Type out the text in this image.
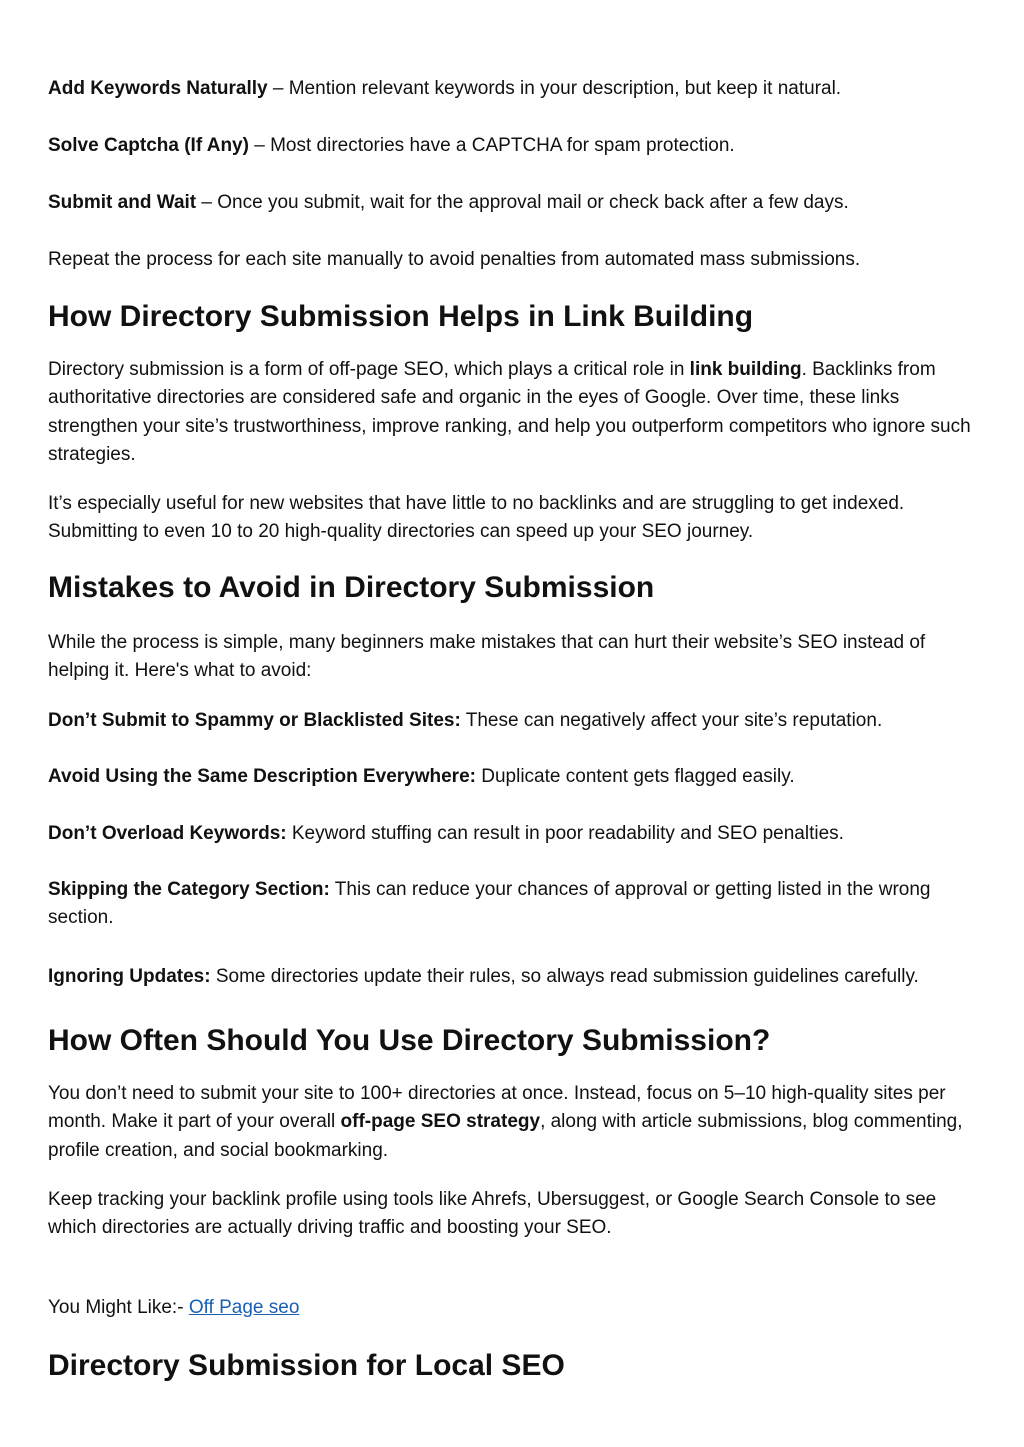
Add Keywords Naturally – Mention relevant keywords in your description, but keep it natural.
Solve Captcha (If Any) – Most directories have a CAPTCHA for spam protection.
Submit and Wait – Once you submit, wait for the approval mail or check back after a few days.
Repeat the process for each site manually to avoid penalties from automated mass submissions.
How Directory Submission Helps in Link Building

Directory submission is a form of off-page SEO, which plays a critical role in link building. Backlinks from authoritative directories are considered safe and organic in the eyes of Google. Over time, these links strengthen your site’s trustworthiness, improve ranking, and help you outperform competitors who ignore such strategies.

It’s especially useful for new websites that have little to no backlinks and are struggling to get indexed. Submitting to even 10 to 20 high-quality directories can speed up your SEO journey.

Mistakes to Avoid in Directory Submission

While the process is simple, many beginners make mistakes that can hurt their website’s SEO instead of helping it. Here's what to avoid:

Don’t Submit to Spammy or Blacklisted Sites: These can negatively affect your site’s reputation.
Avoid Using the Same Description Everywhere: Duplicate content gets flagged easily.
Don’t Overload Keywords: Keyword stuffing can result in poor readability and SEO penalties.

Skipping the Category Section: This can reduce your chances of approval or getting listed in the wrong section.

Ignoring Updates: Some directories update their rules, so always read submission guidelines carefully.
How Often Should You Use Directory Submission?

You don’t need to submit your site to 100+ directories at once. Instead, focus on 5–10 high-quality sites per month. Make it part of your overall off-page SEO strategy, along with article submissions, blog commenting, profile creation, and social bookmarking.

Keep tracking your backlink profile using tools like Ahrefs, Ubersuggest, or Google Search Console to see which directories are actually driving traffic and boosting your SEO.

You Might Like:- Off Page seo
Directory Submission for Local SEO
